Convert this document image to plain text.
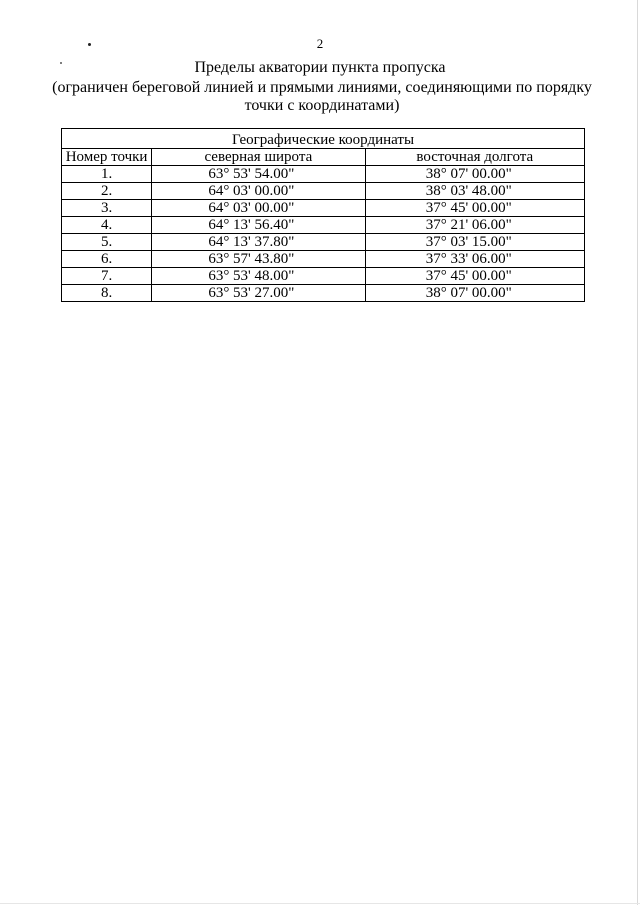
2
Пределы акватории пункта пропуска
(ограничен береговой линией и прямыми линиями, соединяющими по порядку точки с координатами)
Географические координаты		
Номер точки	северная широта	восточная долгота
1.	63° 53' 54.00"	38° 07' 00.00"
2.	64° 03' 00.00"	38° 03' 48.00"
3.	64° 03' 00.00"	37° 45' 00.00"
4.	64° 13' 56.40"	37° 21' 06.00"
5.	64° 13' 37.80"	37° 03' 15.00"
6.	63° 57' 43.80"	37° 33' 06.00"
7.	63° 53' 48.00"	37° 45' 00.00"
8.	63° 53' 27.00"	38° 07' 00.00"
